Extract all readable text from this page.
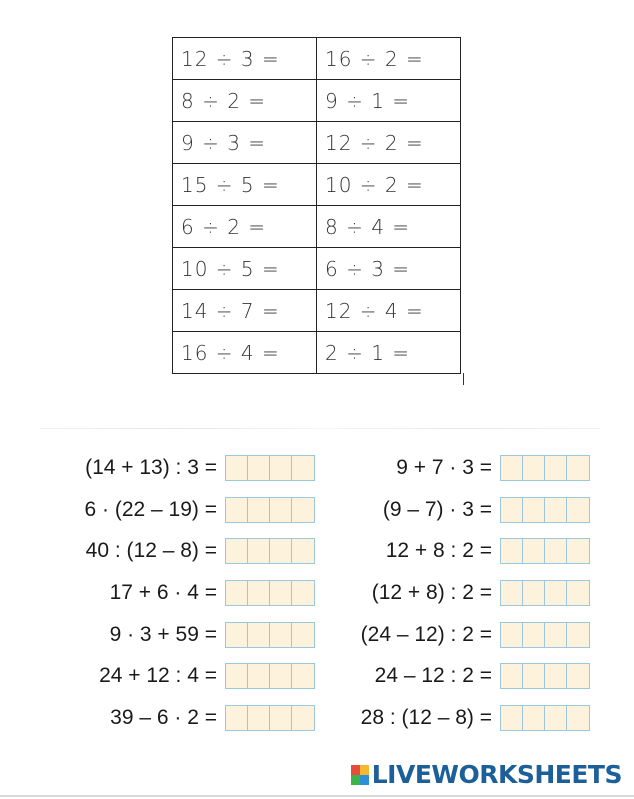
12 ÷ 3 =	16 ÷ 2 =
8 ÷ 2 =	9 ÷ 1 =
9 ÷ 3 =	12 ÷ 2 =
15 ÷ 5 =	10 ÷ 2 =
6 ÷ 2 =	8 ÷ 4 =
10 ÷ 5 =	6 ÷ 3 =
14 ÷ 7 =	12 ÷ 4 =
16 ÷ 4 =	2 ÷ 1 =
(14 + 13) : 3 =
6 · (22 – 19) =
40 : (12 – 8) =
17 + 6 · 4 =
9 · 3 + 59 =
24 + 12 : 4 =
39 – 6 · 2 =
9 + 7 · 3 =
(9 – 7) · 3 =
12 + 8 : 2 =
(12 + 8) : 2 =
(24 – 12) : 2 =
24 – 12 : 2 =
28 : (12 – 8) =
LIVEWORKSHEETS
